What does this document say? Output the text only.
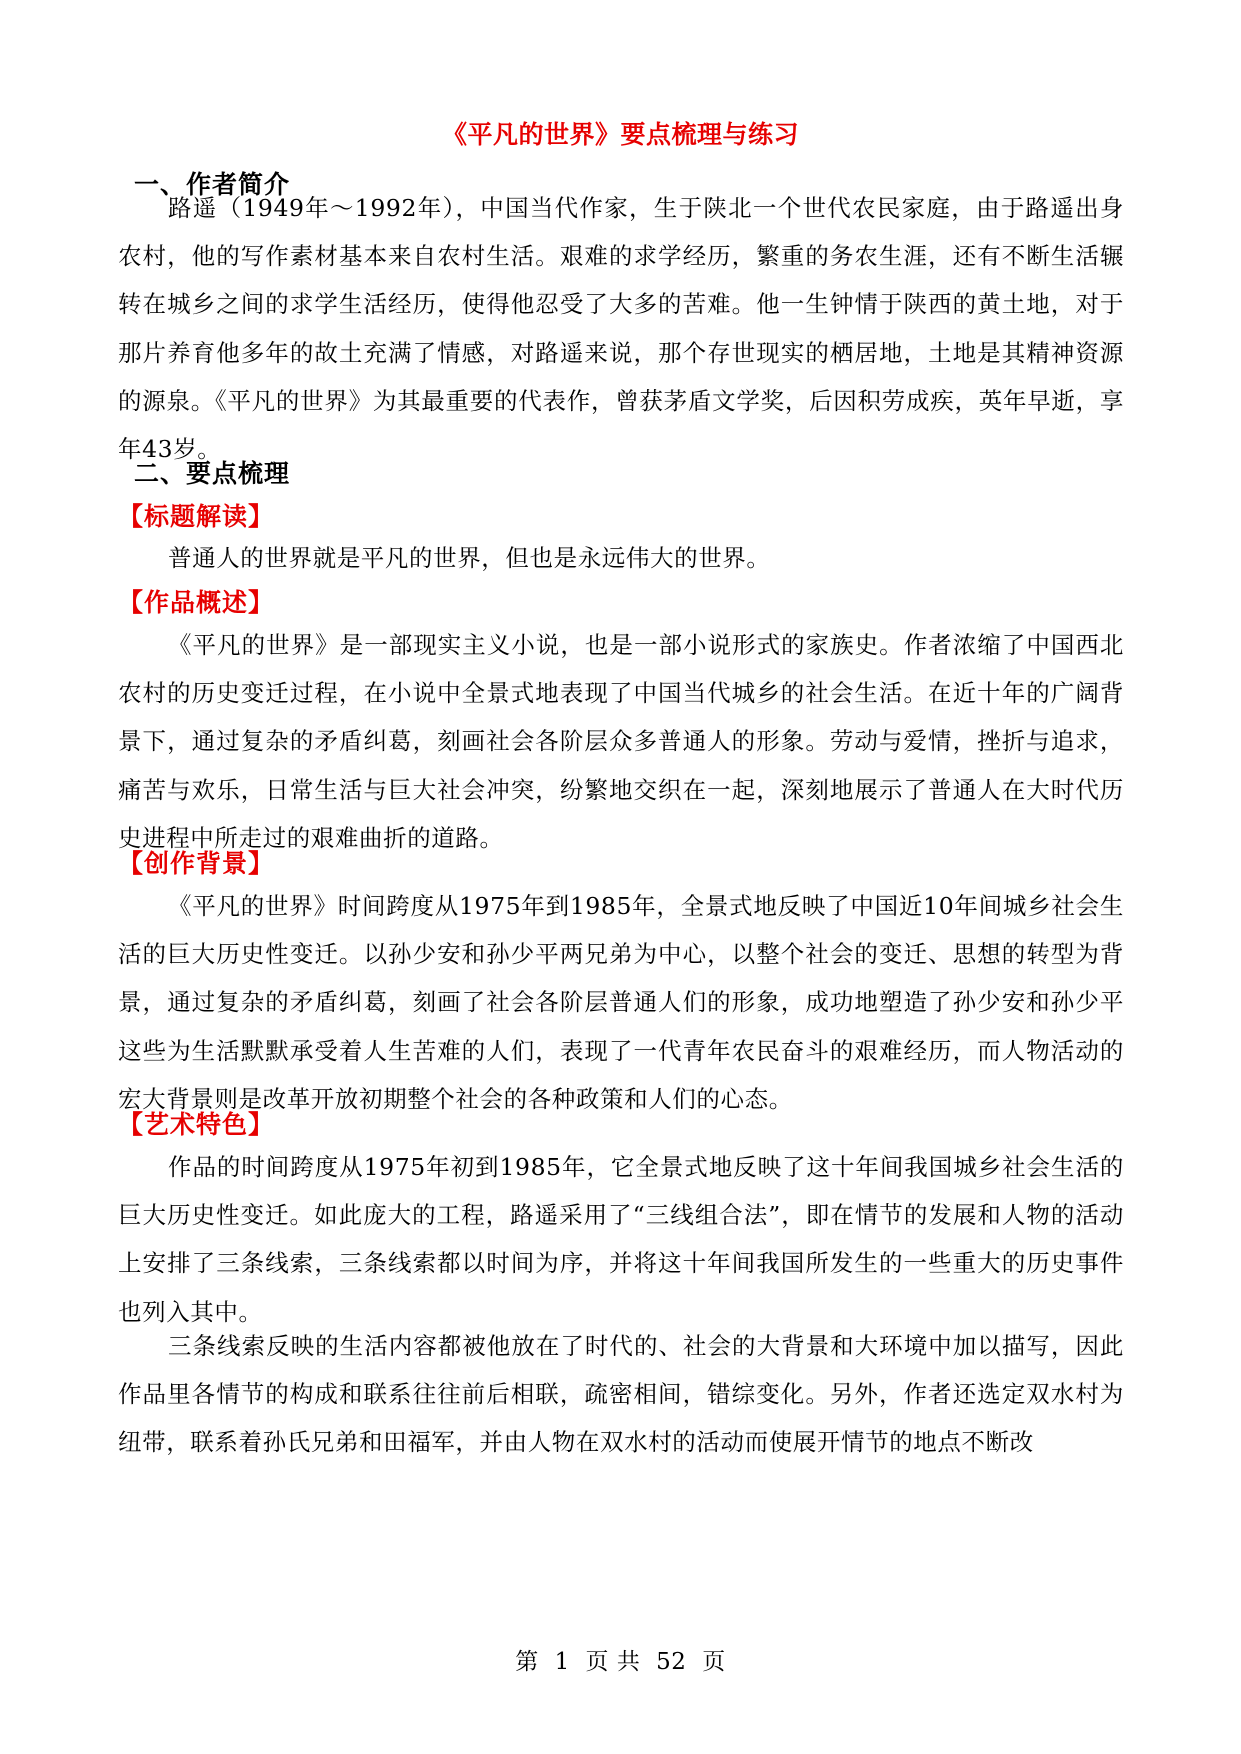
《平凡的世界》要点梳理与练习
一、作者简介

路遥（1949年～1992年），中国当代作家，生于陕北一个世代农民家庭，由于路遥出身农村，他的写作素材基本来自农村生活。艰难的求学经历，繁重的务农生涯，还有不断生活辗转在城乡之间的求学生活经历，使得他忍受了大多的苦难。他一生钟情于陕西的黄土地，对于那片养育他多年的故土充满了情感，对路遥来说，那个存世现实的栖居地，土地是其精神资源的源泉。《平凡的世界》为其最重要的代表作，曾获茅盾文学奖，后因积劳成疾，英年早逝，享年43岁。

二、要点梳理
【标题解读】

普通人的世界就是平凡的世界，但也是永远伟大的世界。

【作品概述】

《平凡的世界》是一部现实主义小说，也是一部小说形式的家族史。作者浓缩了中国西北农村的历史变迁过程，在小说中全景式地表现了中国当代城乡的社会生活。在近十年的广阔背景下，通过复杂的矛盾纠葛，刻画社会各阶层众多普通人的形象。劳动与爱情，挫折与追求，痛苦与欢乐，日常生活与巨大社会冲突，纷繁地交织在一起，深刻地展示了普通人在大时代历史进程中所走过的艰难曲折的道路。

【创作背景】

《平凡的世界》时间跨度从1975年到1985年，全景式地反映了中国近10年间城乡社会生活的巨大历史性变迁。以孙少安和孙少平两兄弟为中心，以整个社会的变迁、思想的转型为背景，通过复杂的矛盾纠葛，刻画了社会各阶层普通人们的形象，成功地塑造了孙少安和孙少平这些为生活默默承受着人生苦难的人们，表现了一代青年农民奋斗的艰难经历，而人物活动的宏大背景则是改革开放初期整个社会的各种政策和人们的心态。

【艺术特色】

作品的时间跨度从1975年初到1985年，它全景式地反映了这十年间我国城乡社会生活的巨大历史性变迁。如此庞大的工程，路遥采用了“三线组合法”，即在情节的发展和人物的活动上安排了三条线索，三条线索都以时间为序，并将这十年间我国所发生的一些重大的历史事件也列入其中。

三条线索反映的生活内容都被他放在了时代的、社会的大背景和大环境中加以描写，因此作品里各情节的构成和联系往往前后相联，疏密相间，错综变化。另外，作者还选定双水村为纽带，联系着孙氏兄弟和田福军，并由人物在双水村的活动而使展开情节的地点不断改

第 1 页 共 52 页
